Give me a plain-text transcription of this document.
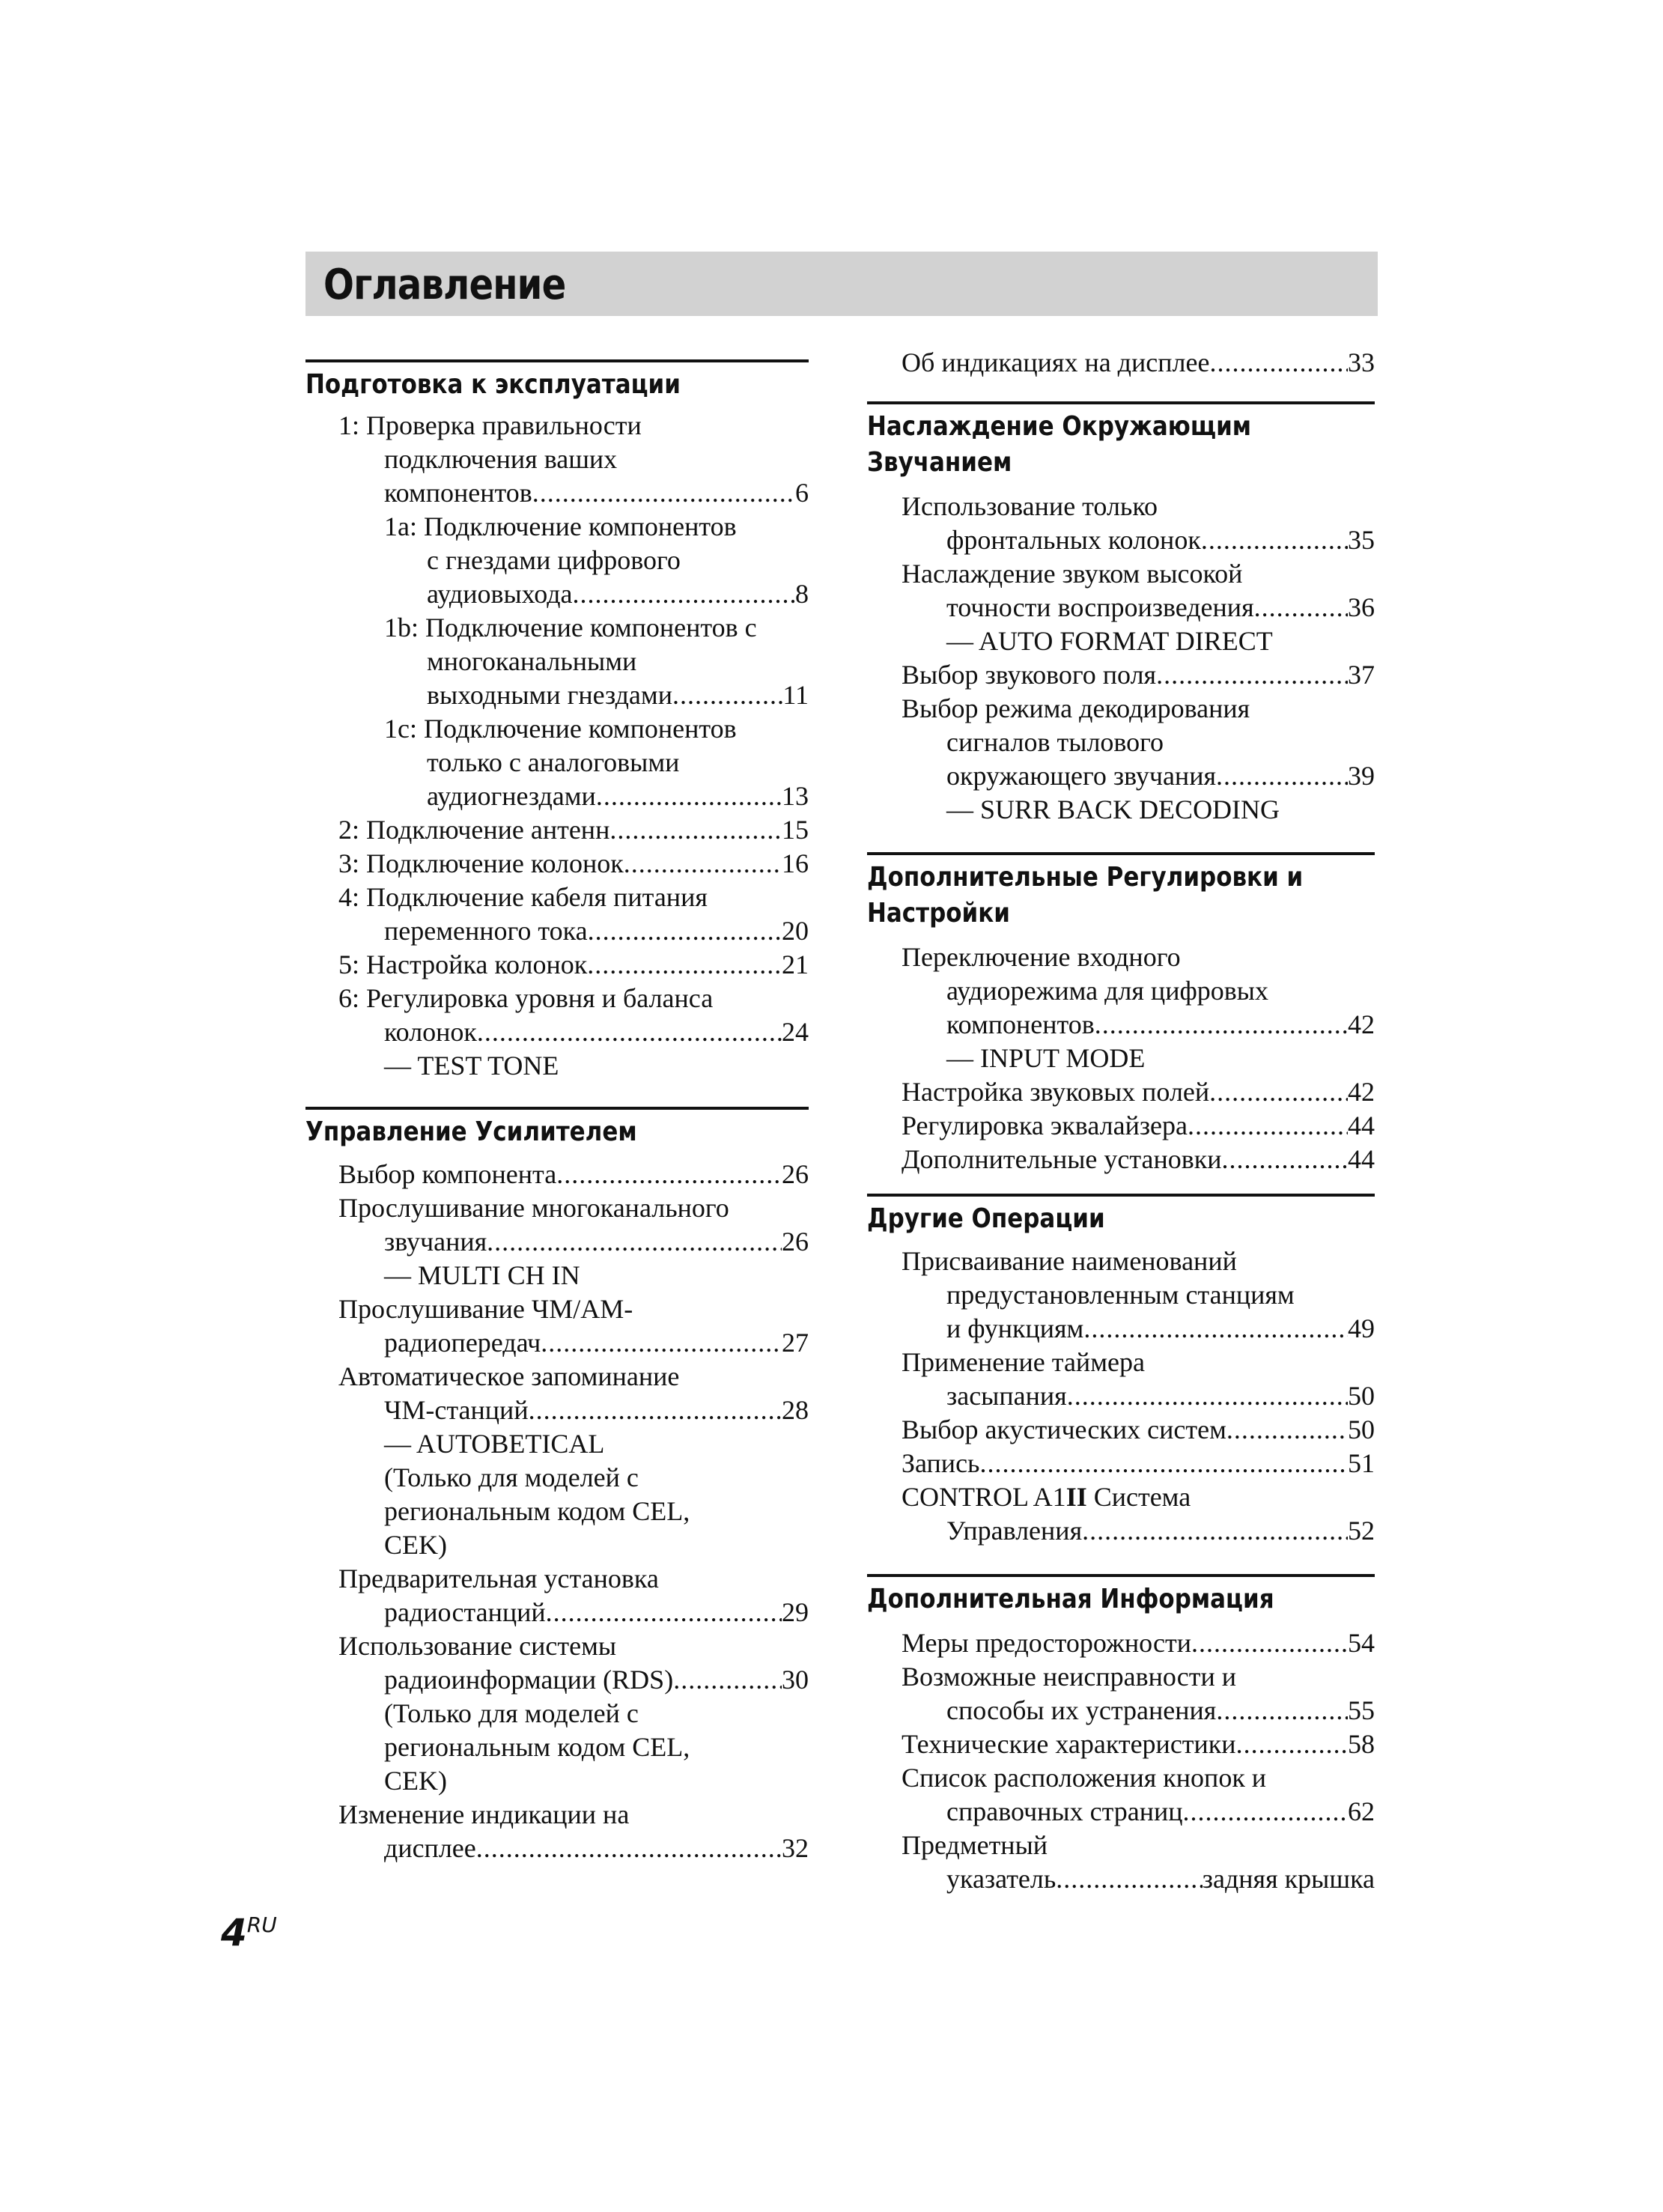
Оглавление
Подготовка к эксплуатации
1: Проверка правильности
подключения ваших
компонентов .....	6
1a: Подключение компонентов
с гнездами цифрового
аудиовыхода .....	8
1b: Подключение компонентов с
многоканальными
выходными гнездами .....	11
1c: Подключение компонентов
только с аналоговыми
аудиогнездами .....	13
2: Подключение антенн .....	15
3: Подключение колонок .....	16
4: Подключение кабеля питания
переменного тока .....	20
5: Настройка колонок .....	21
6: Регулировка уровня и баланса
колонок .....	24
— TEST TONE
Управление Усилителем
Выбор компонента .....	26
Прослушивание многоканального
звучания .....	26
— MULTI CH IN
Прослушивание ЧМ/АМ-
радиопередач .....	27
Автоматическое запоминание
ЧМ-станций .....	28
— AUTOBETICAL
(Только для моделей с
региональным кодом CEL,
CEK)
Предварительная установка
радиостанций .....	29
Использование системы
радиоинформации (RDS) .....	30
(Только для моделей с
региональным кодом CEL,
CEK)
Изменение индикации на
дисплее .....	32
Об индикациях на дисплее .....	33
Наслаждение Окружающим
Звучанием
Использование только
фронтальных колонок .....	35
Наслаждение звуком высокой
точности воспроизведения .....	36
— AUTO FORMAT DIRECT
Выбор звукового поля .....	37
Выбор режима декодирования
сигналов тылового
окружающего звучания .....	39
— SURR BACK DECODING
Дополнительные Регулировки и
Настройки
Переключение входного
аудиорежима для цифровых
компонентов .....	42
— INPUT MODE
Настройка звуковых полей .....	42
Регулировка эквалайзера .....	44
Дополнительные установки .....	44
Другие Операции
Присваивание наименований
предустановленным станциям
и функциям .....	49
Применение таймера
засыпания .....	50
Выбор акустических систем .....	50
Запись .....	51
CONTROL A1II Система
Управления .....	52
Дополнительная Информация
Меры предосторожности .....	54
Возможные неисправности и
способы их устранения .....	55
Технические характеристики .....	58
Список расположения кнопок и
справочных страниц .....	62
Предметный
указатель .....	задняя крышка
4RU
